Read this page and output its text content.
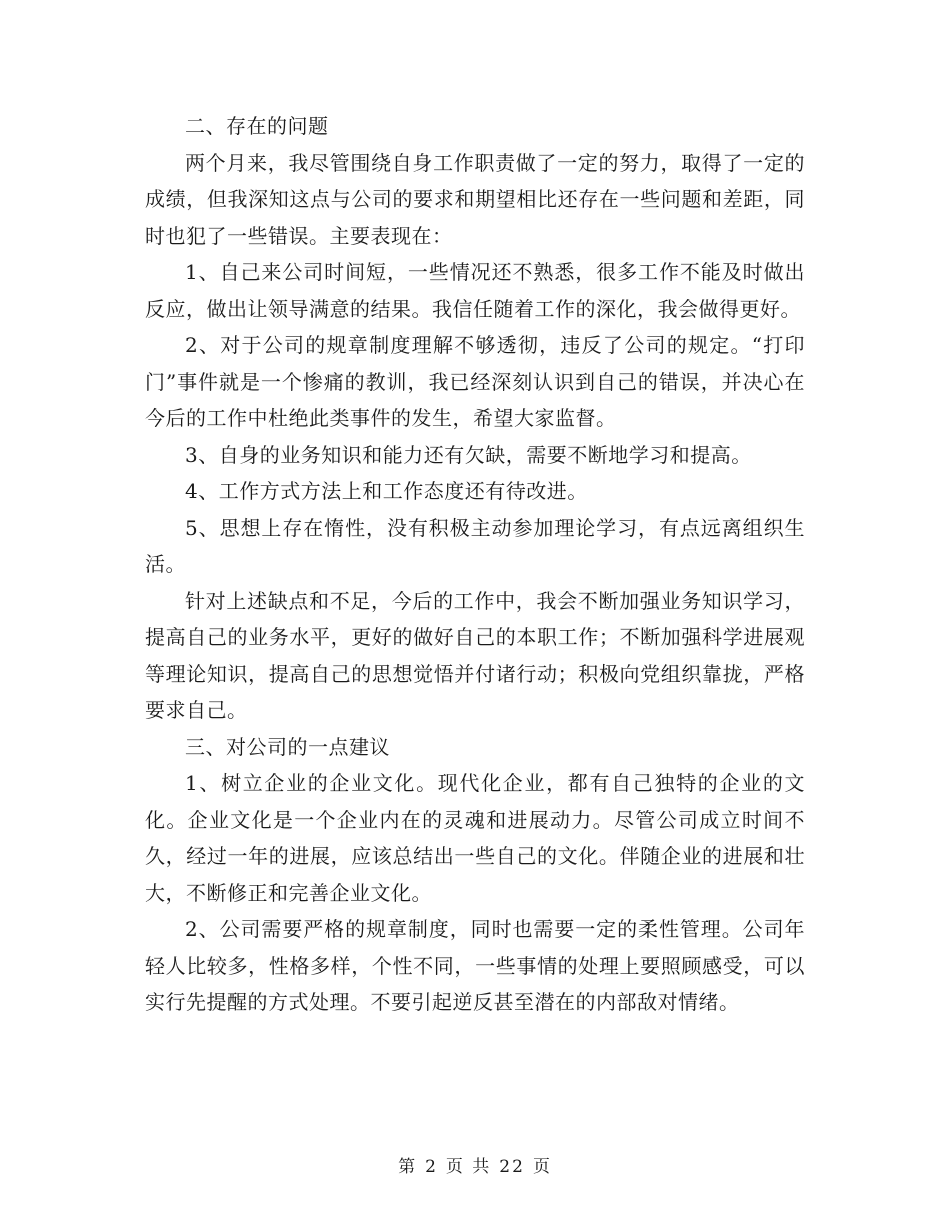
二、存在的问题

两个月来，我尽管围绕自身工作职责做了一定的努力，取得了一定的成绩，但我深知这点与公司的要求和期望相比还存在一些问题和差距，同时也犯了一些错误。主要表现在：

1、自己来公司时间短，一些情况还不熟悉，很多工作不能及时做出反应，做出让领导满意的结果。我信任随着工作的深化，我会做得更好。

2、对于公司的规章制度理解不够透彻，违反了公司的规定。“打印门”事件就是一个惨痛的教训，我已经深刻认识到自己的错误，并决心在今后的工作中杜绝此类事件的发生，希望大家监督。

3、自身的业务知识和能力还有欠缺，需要不断地学习和提高。

4、工作方式方法上和工作态度还有待改进。

5、思想上存在惰性，没有积极主动参加理论学习，有点远离组织生活。

针对上述缺点和不足，今后的工作中，我会不断加强业务知识学习，提高自己的业务水平，更好的做好自己的本职工作；不断加强科学进展观等理论知识，提高自己的思想觉悟并付诸行动；积极向党组织靠拢，严格要求自己。

三、对公司的一点建议

1、树立企业的企业文化。现代化企业，都有自己独特的企业的文化。企业文化是一个企业内在的灵魂和进展动力。尽管公司成立时间不久，经过一年的进展，应该总结出一些自己的文化。伴随企业的进展和壮大，不断修正和完善企业文化。

2、公司需要严格的规章制度，同时也需要一定的柔性管理。公司年轻人比较多，性格多样，个性不同，一些事情的处理上要照顾感受，可以实行先提醒的方式处理。不要引起逆反甚至潜在的内部敌对情绪。

第 2 页 共 22 页
